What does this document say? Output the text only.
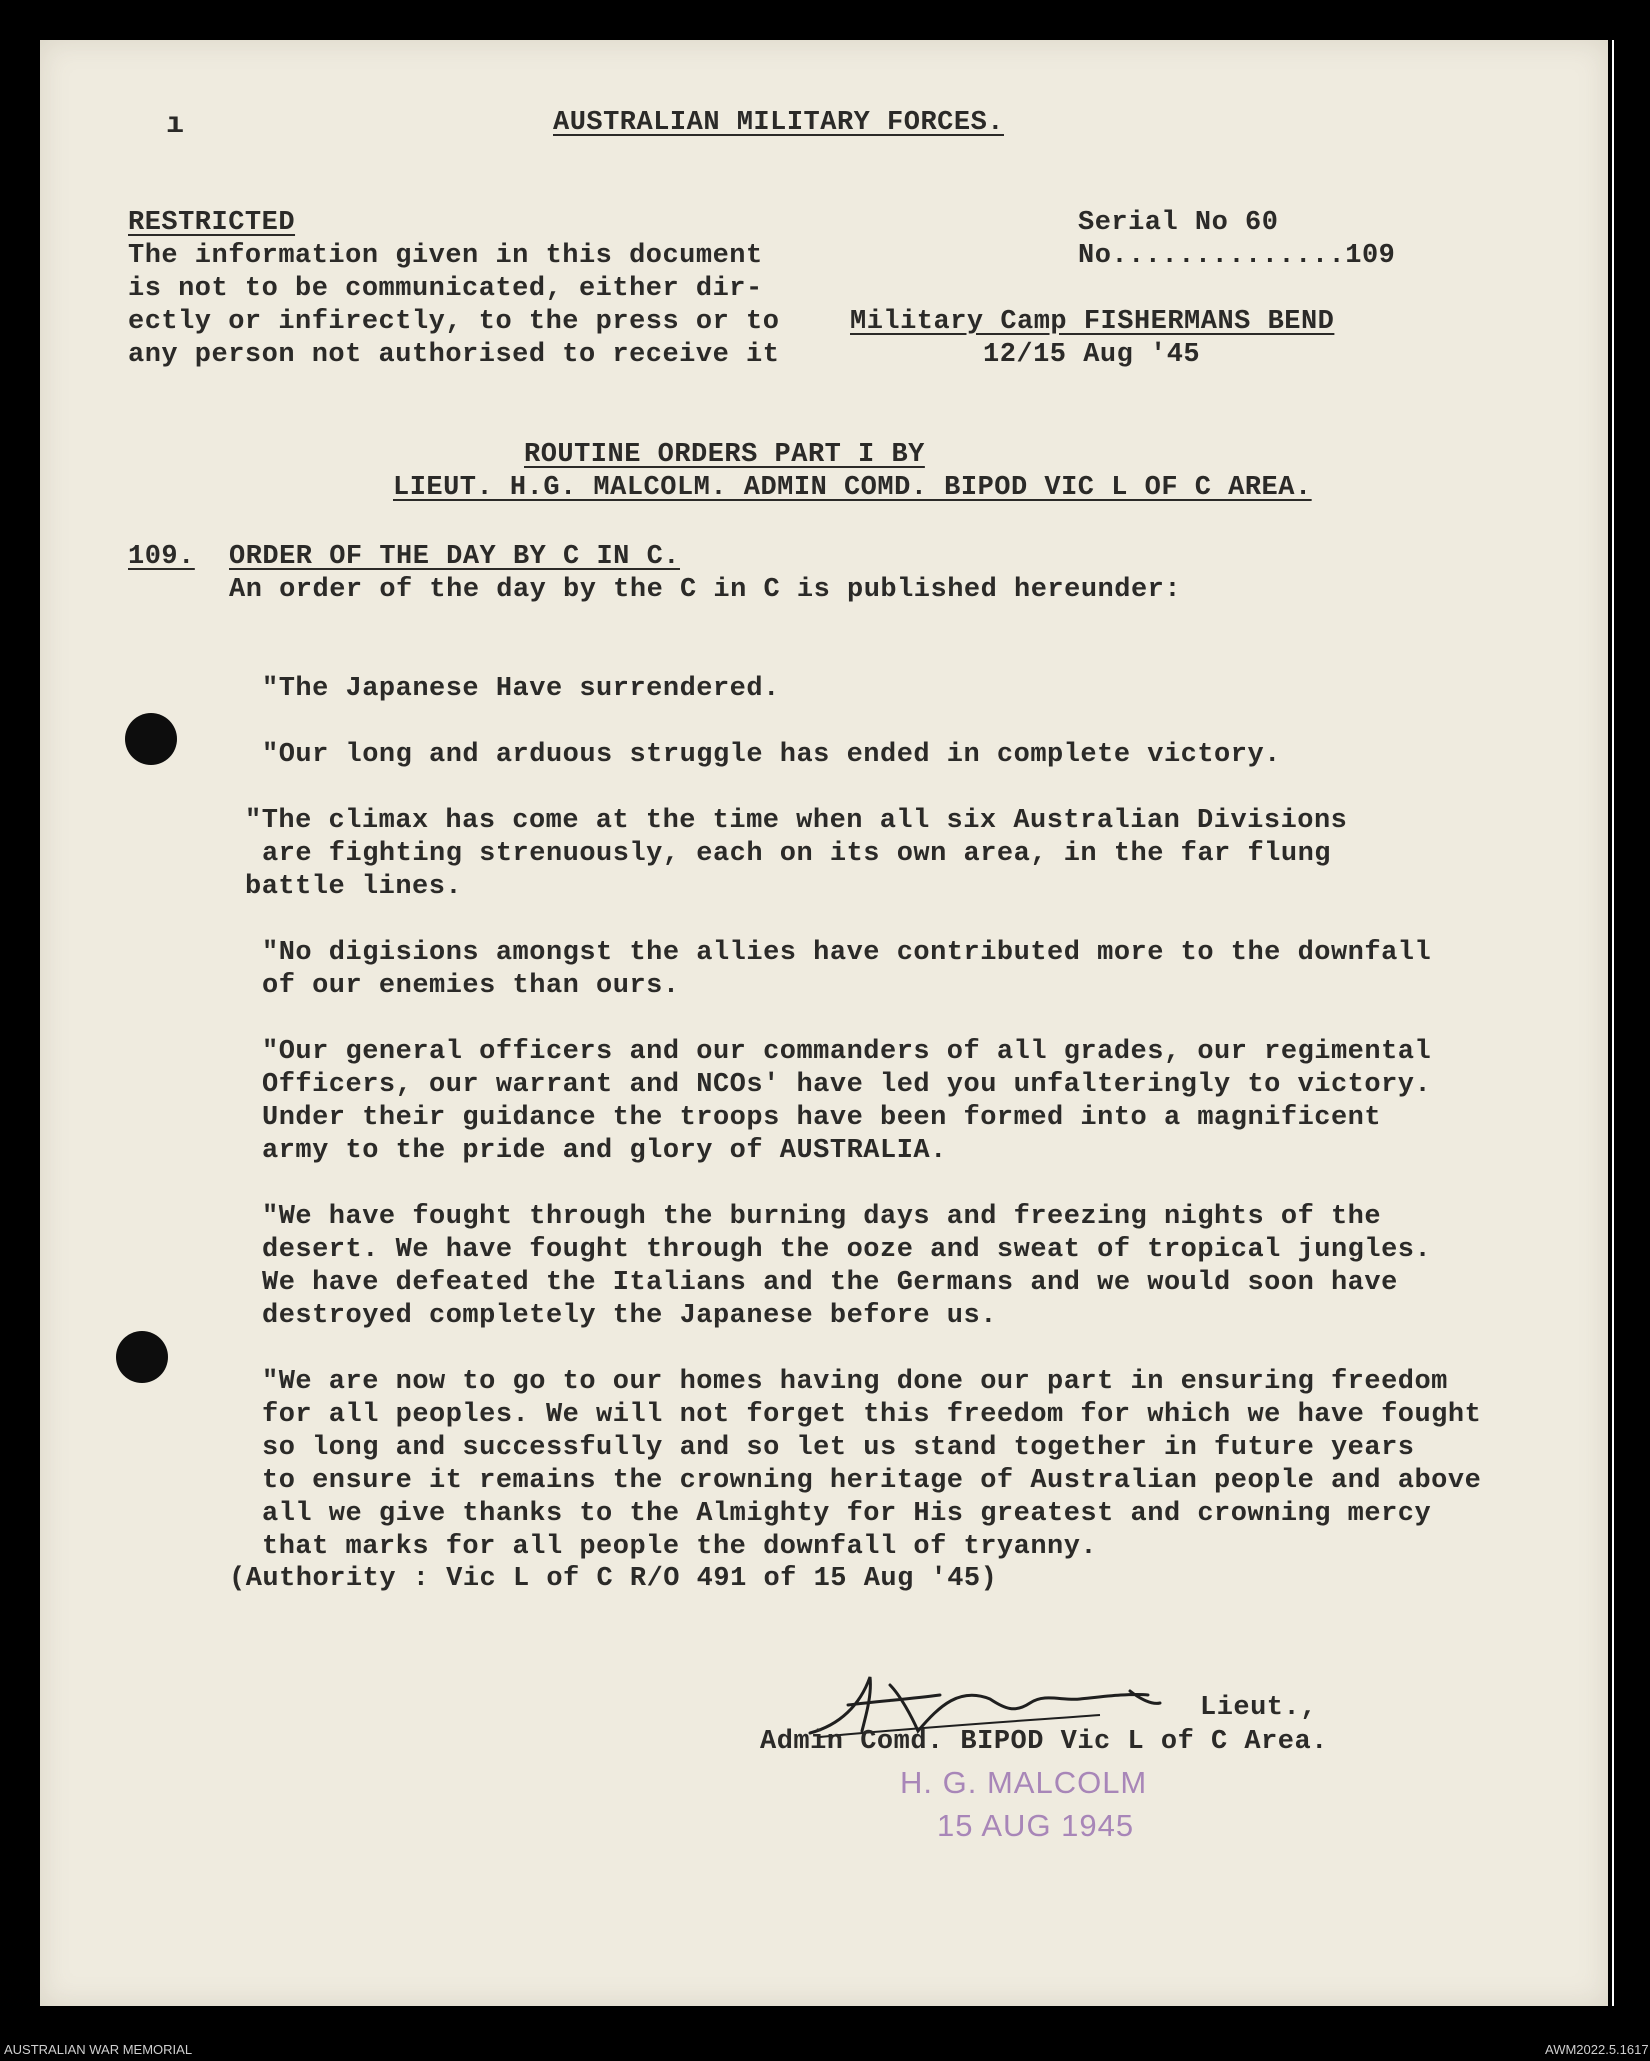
ı	AUSTRALIAN MILITARY FORCES.
RESTRICTED
The information given in this document
is not to be communicated, either dir-
ectly or infirectly, to the press or to
any person not authorised to receive it
Serial No 60
No..............109
Military Camp FISHERMANS BEND
12/15 Aug '45
ROUTINE ORDERS PART I BY
LIEUT. H.G. MALCOLM. ADMIN COMD. BIPOD VIC L OF C AREA.
109. ORDER OF THE DAY BY C IN C.
An order of the day by the C in C is published hereunder:

"The Japanese Have surrendered.

"Our long and arduous struggle has ended in complete victory.

"The climax has come at the time when all six Australian Divisions
are fighting strenuously, each on its own area, in the far flung
battle lines.

"No digisions amongst the allies have contributed more to the downfall
of our enemies than ours.

"Our general officers and our commanders of all grades, our regimental
Officers, our warrant and NCOs' have led you unfalteringly to victory.
Under their guidance the troops have been formed into a magnificent
army to the pride and glory of AUSTRALIA.

"We have fought through the burning days and freezing nights of the
desert. We have fought through the ooze and sweat of tropical jungles.
We have defeated the Italians and the Germans and we would soon have
destroyed completely the Japanese before us.

"We are now to go to our homes having done our part in ensuring freedom
for all peoples. We will not forget this freedom for which we have fought
so long and successfully and so let us stand together in future years
to ensure it remains the crowning heritage of Australian people and above
all we give thanks to the Almighty for His greatest and crowning mercy
that marks for all people the downfall of tryanny.
(Authority : Vic L of C R/O 491 of 15 Aug '45)
Lieut.,
Admin Comd. BIPOD Vic L of C Area.
H. G. MALCOLM
15 AUG 1945
AUSTRALIAN WAR MEMORIAL	AWM2022.5.1617
